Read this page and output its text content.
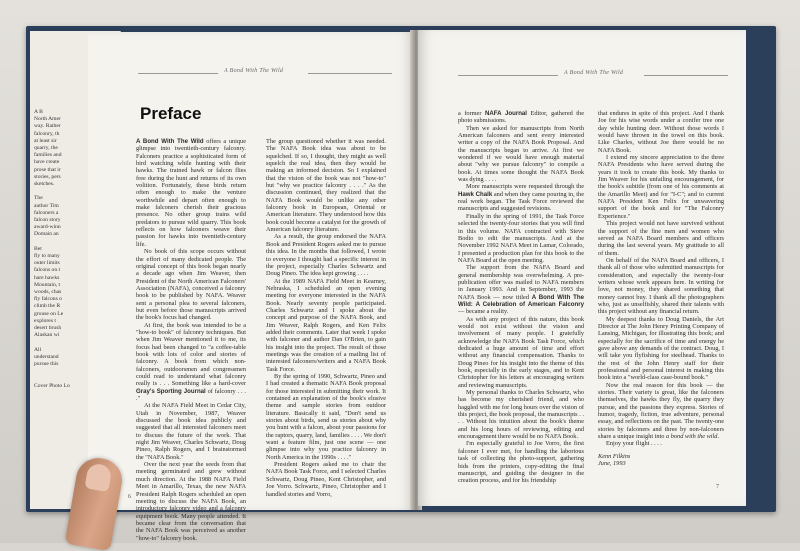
A B
North Amer
way. Rather
falconry, th
at least sir
quarry, the
families and
have create
prose that ir
stories, pers
sketches.
The
author Tim
falconers a
falcon story
award-winn
Domain an
Bet
fly to many
outer limits
falcons on t
hare hawks
Mountain, t
woods, chas
fly falcons o
climb the R
grouse on Le
explores t
desert brush
Alaskan wi
All
understand
pursue this
Cover Photo Lo
A Bond With The Wild
Preface

A Bond With The Wild offers a unique glimpse into twentieth-century falconry. Falconers practice a sophisticated form of bird watching while hunting with their hawks. The trained hawk or falcon flies free during the hunt and returns of its own volition. Fortunately, these birds return often enough to make the venture worthwhile and depart often enough to make falconers cherish their gracious presence. No other group trains wild predators to pursue wild quarry. This book reflects on how falconers weave their passion for hawks into twentieth-century life.

No book of this scope occurs without the effort of many dedicated people. The original concept of this book began nearly a decade ago when Jim Weaver, then President of the North American Falconers' Association (NAFA), conceived a falconry book to be published by NAFA. Weaver sent a personal plea to several falconers, but even before those manuscripts arrived the book's focus had changed.

At first, the book was intended to be a "how-to book" of falconry techniques. But when Jim Weaver mentioned it to me, its focus had been changed to "a coffee-table book with lots of color and stories of falconry. A book from which non-falconers, outdoorsmen and congressmen could read to understand what falconry really is . . . Something like a hard-cover Gray's Sporting Journal of falconry . . . ."

At the NAFA Field Meet in Cedar City, Utah in November, 1987, Weaver discussed the book idea publicly and suggested that all interested falconers meet to discuss the future of the work. That night Jim Weaver, Charles Schwartz, Doug Pineo, Ralph Rogers, and I brainstormed the "NAFA Book."

Over the next year the seeds from that meeting germinated and grew without much direction. At the 1988 NAFA Field Meet in Amarillo, Texas, the new NAFA President Ralph Rogers scheduled an open meeting to discuss the NAFA Book, an introductory falconry video and a falconry equipment book. Many people attended. It became clear from the conversation that the NAFA Book was perceived as another "how-to" falconry book.

The group questioned whether it was needed. The NAFA Book idea was about to be squelched. If so, I thought, they might as well squelch the real idea, then they would be making an informed decision. So I explained that the vision of the book was not "how-to" but "why we practice falconry . . . ." As the discussion continued, they realized that the NAFA Book would be unlike any other falconry book in European, Oriental or American literature. They understood how this book could become a catalyst for the growth of American falconry literature.

As a result, the group endorsed the NAFA Book and President Rogers asked me to pursue this idea. In the months that followed, I wrote to everyone I thought had a specific interest in the project, especially Charles Schwartz and Doug Pineo. The idea kept growing . . . .

At the 1989 NAFA Field Meet in Kearney, Nebraska, I scheduled an open evening meeting for everyone interested in the NAFA Book. Nearly seventy people participated. Charles Schwartz and I spoke about the concept and purpose of the NAFA Book, and Jim Weaver, Ralph Rogers, and Ken Felix added their comments. Later that week I spoke with falconer and author Dan O'Brien, to gain his insight into the project. The result of those meetings was the creation of a mailing list of interested falconers/writers and a NAFA Book Task Force.

By the spring of 1990, Schwartz, Pineo and I had created a thematic NAFA Book proposal for those interested in submitting their work. It contained an explanation of the book's elusive theme and sample stories from outdoor literature. Basically it said, "Don't send us stories about birds, send us stories about why you hunt with a falcon, about your passions for the raptors, quarry, land, families . . . . We don't want a feature film, just one scene — one glimpse into why you practice falconry in North America in the 1990s . . . ."

President Rogers asked me to chair the NAFA Book Task Force, and I selected Charles Schwartz, Doug Pineo, Kent Christopher, and Joe Vorro. Schwartz, Pineo, Christopher and I handled stories and Vorro,

6
A Bond With The Wild

a former NAFA Journal Editor, gathered the photo submissions.

Then we asked for manuscripts from North American falconers and sent every interested writer a copy of the NAFA Book Proposal. And the manuscripts began to arrive. At first we wondered if we would have enough material about "why we pursue falconry" to compile a book. At times some thought the NAFA Book was dying . . . .

More manuscripts were requested through the Hawk Chalk and when they came pouring in, the real work began. The Task Force reviewed the manuscripts and suggested revisions.

Finally in the spring of 1991, the Task Force selected the twenty-four stories that you will find in this volume. NAFA contracted with Steve Bodio to edit the manuscripts. And at the November 1992 NAFA Meet in Lamar, Colorado, I presented a production plan for this book to the NAFA Board at the open meeting.

The support from the NAFA Board and general membership was overwhelming. A pre-publication offer was mailed to NAFA members in January 1993. And in September, 1993 the NAFA Book — now titled A Bond With The Wild: A Celebration of American Falconry — became a reality.

As with any project of this nature, this book would not exist without the vision and involvement of many people. I gratefully acknowledge the NAFA Book Task Force, which dedicated a huge amount of time and effort without any financial compensation. Thanks to Doug Pineo for his insight into the theme of this book, especially in the early stages, and to Kent Christopher for his letters at encouraging writers and reviewing manuscripts.

My personal thanks to Charles Schwartz, who has become my cherished friend, and who haggled with me for long hours over the vision of this project, the book proposal, the manuscripts . . . . Without his intuition about the book's theme and his long hours of reviewing, editing and encouragement there would be no NAFA Book.

I'm especially grateful to Joe Vorro, the first falconer I ever met, for handling the laborious task of collecting the photo-support, gathering bids from the printers, copy-editing the final manuscript, and guiding the designer in the creation process, and for his friendship

that endures in spite of this project. And I thank Joe for his wise words under a conifer tree one day while hunting deer. Without those words I would have thrown in the towel on this book. Like Charles, without Joe there would be no NAFA Book.

I extend my sincere appreciation to the three NAFA Presidents who have served during the years it took to create this book. My thanks to Jim Weaver for his unfailing encouragement, for the book's subtitle (from one of his comments at the Amarillo Meet) and for "I-C"; and to current NAFA President Ken Felix for unwavering support of the book and for "The Falconry Experience."

This project would not have survived without the support of the fine men and women who served as NAFA Board members and officers during the last several years. My gratitude to all of them.

On behalf of the NAFA Board and officers, I thank all of those who submitted manuscripts for consideration, and especially the twenty-four writers whose work appears here. In writing for love, not money, they shared something that money cannot buy. I thank all the photographers who, just as unselfishly, shared their talents with this project without any financial return.

My deepest thanks to Doug Daniels, the Art Director at The John Henry Printing Company of Lansing, Michigan, for illustrating this book; and especially for the sacrifice of time and energy he gave above any demands of the contract. Doug, I will take you flyfishing for steelhead. Thanks to the rest of the John Henry staff for their professional and personal interest in making this book into a "world-class case-bound book."

Now the real reason for this book — the stories. Their variety is great, like the falconers themselves, the hawks they fly, the quarry they pursue, and the passions they express. Stories of humor, tragedy, fiction, true adventure, personal essay, and reflections on the past. The twenty-one stories by falconers and three by non-falconers share a unique insight into a bond with the wild.

Enjoy your flight . . . .

Kenn Filkins
June, 1993

7
